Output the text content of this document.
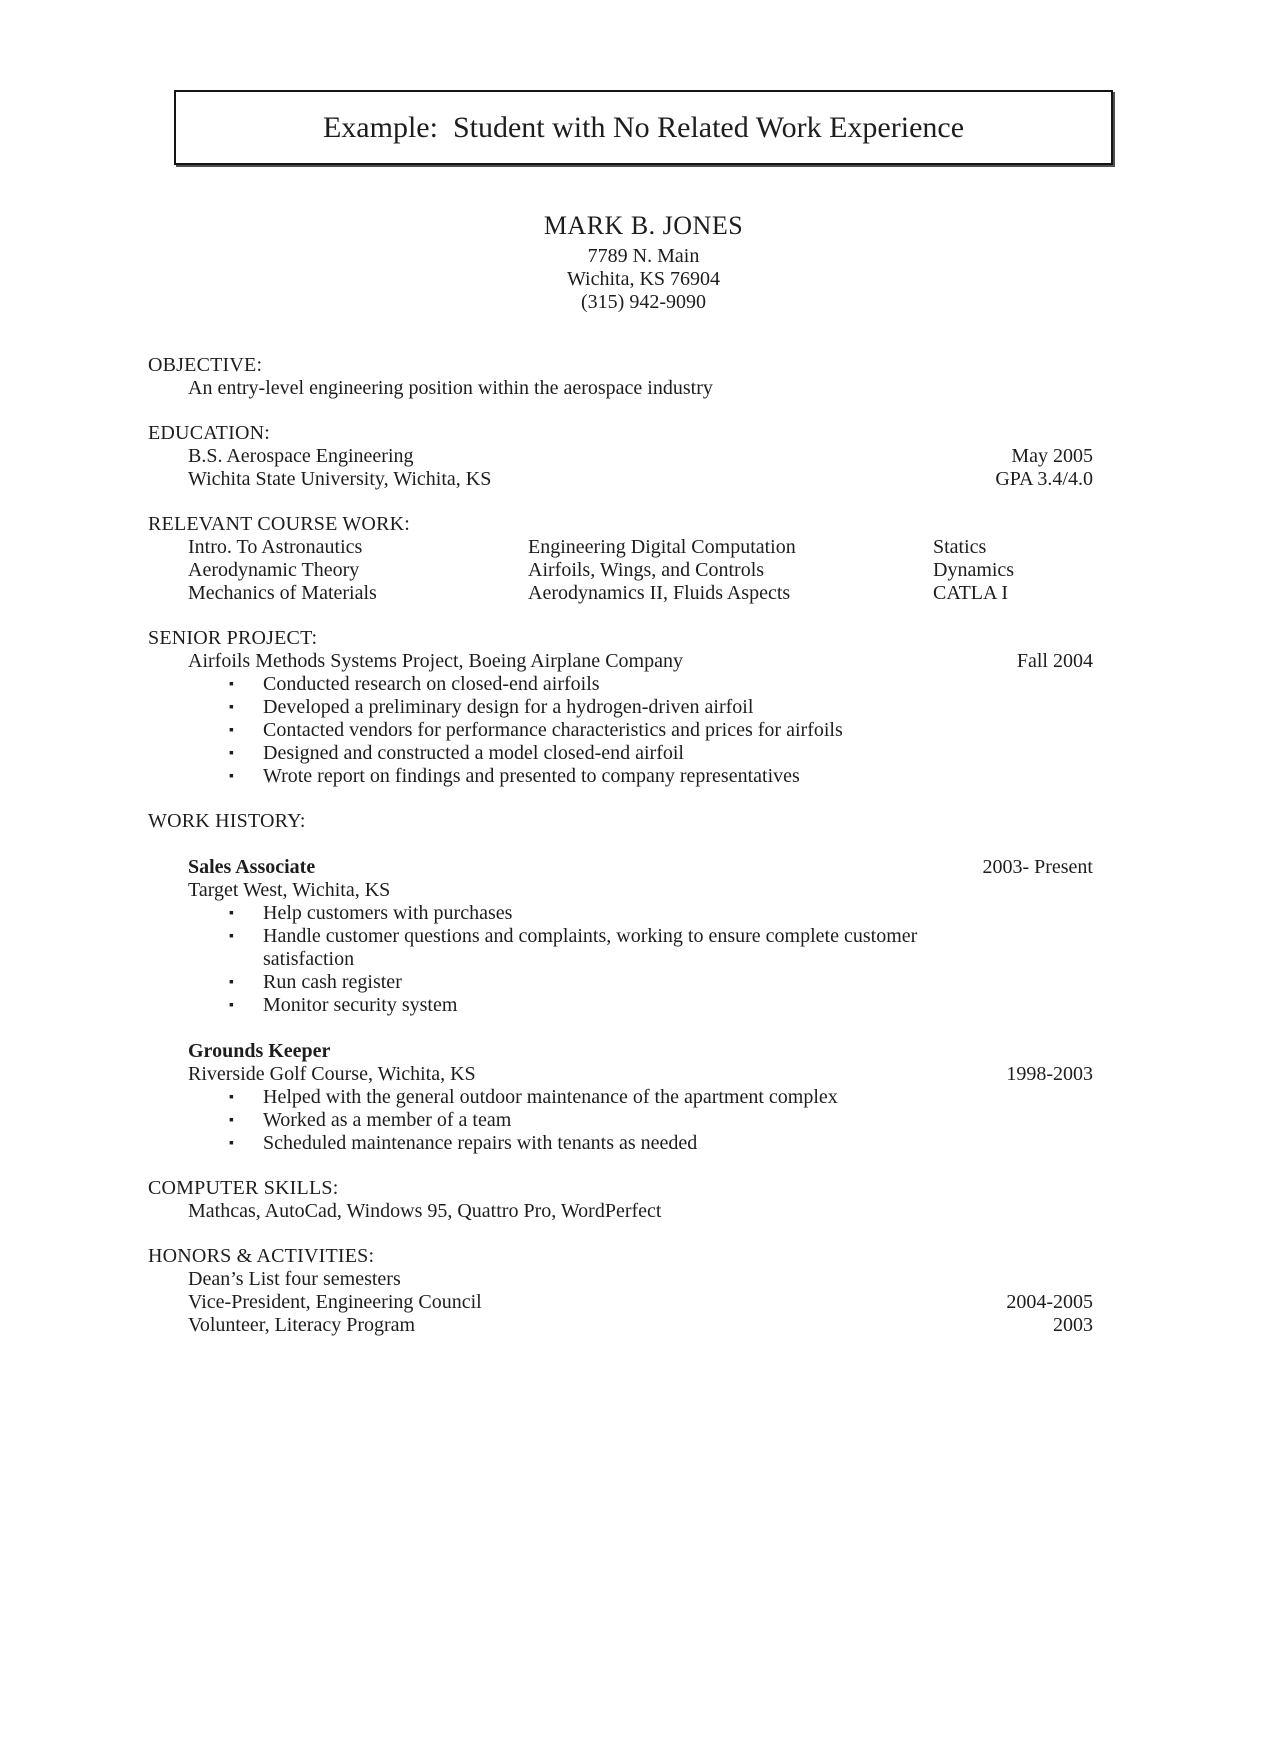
Example:  Student with No Related Work Experience
MARK B. JONES
7789 N. Main
Wichita, KS 76904
(315) 942-9090
OBJECTIVE:
An entry-level engineering position within the aerospace industry
EDUCATION:
B.S. Aerospace Engineering	May 2005
Wichita State University, Wichita, KS	GPA 3.4/4.0
RELEVANT COURSE WORK:
Intro. To Astronautics	Engineering Digital Computation	Statics
Aerodynamic Theory	Airfoils, Wings, and Controls	Dynamics
Mechanics of Materials	Aerodynamics II, Fluids Aspects	CATLA I
SENIOR PROJECT:
Airfoils Methods Systems Project, Boeing Airplane Company	Fall 2004
▪	Conducted research on closed-end airfoils
▪	Developed a preliminary design for a hydrogen-driven airfoil
▪	Contacted vendors for performance characteristics and prices for airfoils
▪	Designed and constructed a model closed-end airfoil
▪	Wrote report on findings and presented to company representatives
WORK HISTORY:
Sales Associate	2003- Present
Target West, Wichita, KS
▪	Help customers with purchases
▪	Handle customer questions and complaints, working to ensure complete customer satisfaction
▪	Run cash register
▪	Monitor security system
Grounds Keeper
Riverside Golf Course, Wichita, KS	1998-2003
▪	Helped with the general outdoor maintenance of the apartment complex
▪	Worked as a member of a team
▪	Scheduled maintenance repairs with tenants as needed
COMPUTER SKILLS:
Mathcas, AutoCad, Windows 95, Quattro Pro, WordPerfect
HONORS & ACTIVITIES:
Dean’s List four semesters
Vice-President, Engineering Council	2004-2005
Volunteer, Literacy Program	2003
